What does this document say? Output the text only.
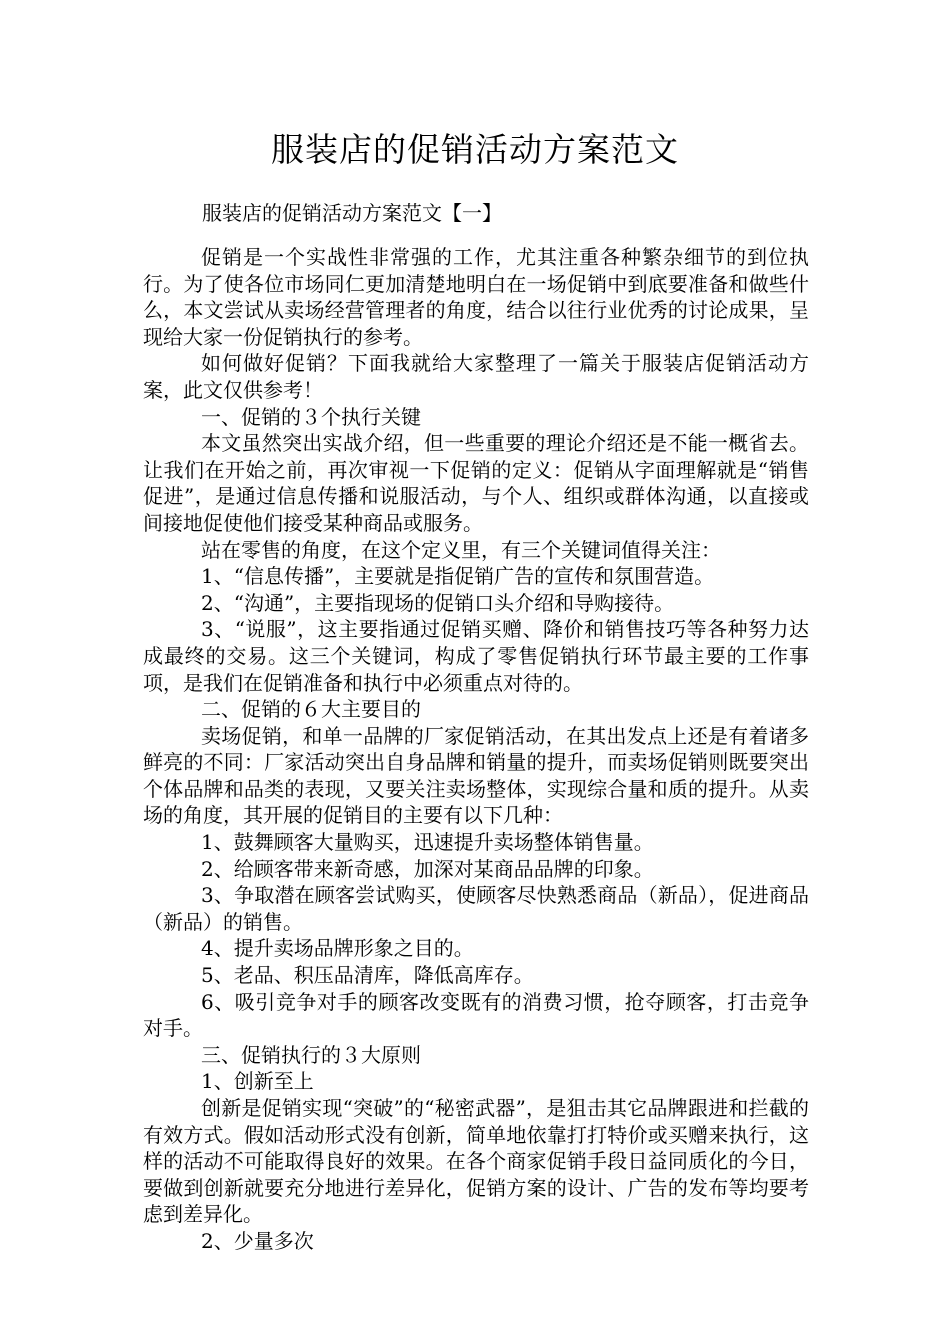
服装店的促销活动方案范文
服装店的促销活动方案范文【一】

促销是一个实战性非常强的工作，尤其注重各种繁杂细节的到位执行。为了使各位市场同仁更加清楚地明白在一场促销中到底要准备和做些什么，本文尝试从卖场经营管理者的角度，结合以往行业优秀的讨论成果，呈现给大家一份促销执行的参考。

如何做好促销？下面我就给大家整理了一篇关于服装店促销活动方案，此文仅供参考！

一、促销的３个执行关键

本文虽然突出实战介绍，但一些重要的理论介绍还是不能一概省去。让我们在开始之前，再次审视一下促销的定义：促销从字面理解就是“销售促进”，是通过信息传播和说服活动，与个人、组织或群体沟通，以直接或间接地促使他们接受某种商品或服务。

站在零售的角度，在这个定义里，有三个关键词值得关注：

1、“信息传播”，主要就是指促销广告的宣传和氛围营造。

2、“沟通”，主要指现场的促销口头介绍和导购接待。

3、“说服”，这主要指通过促销买赠、降价和销售技巧等各种努力达成最终的交易。这三个关键词，构成了零售促销执行环节最主要的工作事项，是我们在促销准备和执行中必须重点对待的。

二、促销的６大主要目的

卖场促销，和单一品牌的厂家促销活动，在其出发点上还是有着诸多鲜亮的不同：厂家活动突出自身品牌和销量的提升，而卖场促销则既要突出个体品牌和品类的表现，又要关注卖场整体，实现综合量和质的提升。从卖场的角度，其开展的促销目的主要有以下几种：

1、鼓舞顾客大量购买，迅速提升卖场整体销售量。

2、给顾客带来新奇感，加深对某商品品牌的印象。

3、争取潜在顾客尝试购买，使顾客尽快熟悉商品（新品），促进商品（新品）的销售。

4、提升卖场品牌形象之目的。

5、老品、积压品清库，降低高库存。

6、吸引竞争对手的顾客改变既有的消费习惯，抢夺顾客，打击竞争对手。

三、促销执行的３大原则

1、创新至上

创新是促销实现“突破”的“秘密武器”，是狙击其它品牌跟进和拦截的有效方式。假如活动形式没有创新，简单地依靠打打特价或买赠来执行，这样的活动不可能取得良好的效果。在各个商家促销手段日益同质化的今日，要做到创新就要充分地进行差异化，促销方案的设计、广告的发布等均要考虑到差异化。

2、少量多次
